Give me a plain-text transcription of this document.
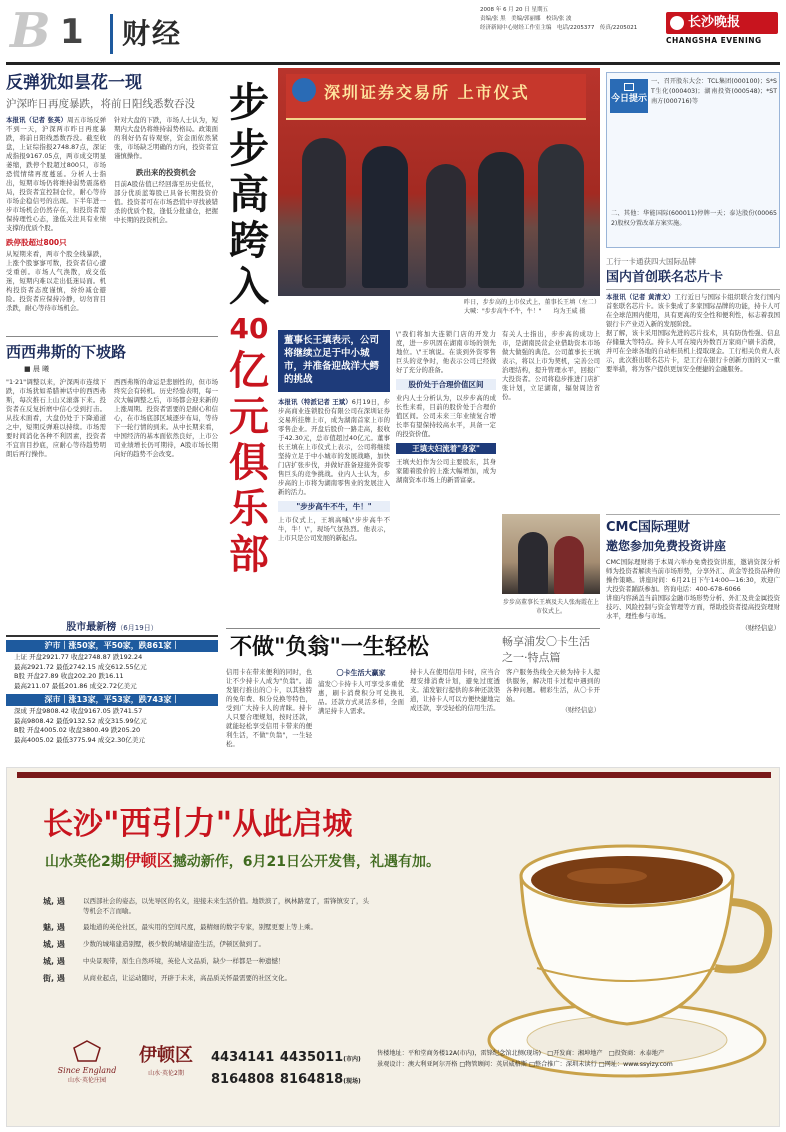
B 1 财经
2008 年 6 月 20 日 星期五
责编/张 黑　美编/郭丽娜　校读/张 波
经济新闻中心财经工作室主编　电话/2205377　传真/2205021	长沙晚报
CHANGSHA EVENING
反弹犹如昙花一现
沪深昨日再度暴跌，将前日阳线悉数吞没
本报讯（记者 张英）周五市场反弹不到一天，沪深两市昨日再度暴跌，将前日阳线悉数吞没。截至收盘，上证综指报2748.87点，深证成指报9167.05点，两市成交明显萎缩，跌停个股超过800只，市场恐慌情绪再度蔓延。分析人士指出，短期市场仍将维持弱势震荡格局，投资者宜控制仓位，耐心等待市场企稳信号的出现。下半年进一步市场机会仍然存在，但投资者需保持理性心态，逢低关注具有业绩支撑的优质个股。
跌停股超过800只
从短期来看，两市个股全线暴跌，上涨个股寥寥可数，投资者信心遭受重创。市场人气涣散，成交低迷，短期内难以走出低迷局面。机构投资者态度谨慎，纷纷减仓避险。投资者应保持冷静，切勿盲目杀跌，耐心等待市场机会。
针对大盘的下跌，市场人士认为，短期内大盘仍将维持弱势格局。政策面的利好仍有待观察，资金面依然紧张，市场缺乏明确的方向，投资者宜谨慎操作。
跌出来的投资机会
目前A股估值已经回落至历史低位，部分优质蓝筹股已具备长期投资价值。投资者可在市场恐慌中寻找被错杀的优质个股，逢低分批建仓，把握中长期的投资机会。
西西弗斯的下坡路
■ 晨 曦
"1·21"调整以来，沪深两市连续下跌，市场犹如希腊神话中的西西弗斯，每次推石上山又滚落下来。投资者在反复折磨中信心受到打击。从技术面看，大盘仍处于下降通道之中，短期反弹难以持续。市场需要时间消化各种不利因素，投资者不宜盲目抄底，应耐心等待趋势明朗后再行操作。
西西弗斯的命运是悲剧性的，但市场终究会有转机。历史经验表明，每一次大幅调整之后，市场都会迎来新的上涨周期。投资者需要的是耐心和信心，在市场底部区域逐步布局，等待下一轮行情的到来。从中长期来看，中国经济的基本面依然良好，上市公司业绩增长仍可期待，A股市场长期向好的趋势不会改变。
股市最新榜（6月19日）
沪市｜涨50家，平50家，跌861家｜
上证 开盘2921.77 收盘2748.87 跌192.24
最高2921.72 最低2742.15 成交612.55亿元
B股 开盘27.89 收盘202.20 跌16.11
最高211.07 最低201.86 成交2.72亿美元
深市｜涨13家，平53家，跌743家｜
深成 开盘9808.42 收盘9167.05 跌741.57
最高9808.42 最低9132.52 成交315.99亿元
B股 开盘4005.02 收盘3800.49 跌205.20
最高4005.02 最低3775.94 成交2.30亿美元
步
步
高
跨
入
40
亿
元
俱
乐
部
深圳证券交易所 上市仪式
昨日，步步高的上市仪式上，董事长王填（左二）大喊："步步高牛不牛，牛！"　　均为王威 摄
董事长王填表示，公司将继续立足于中小城市，并准备迎战洋大鳄的挑战
本报讯（特派记者 王斌）6月19日，步步高商业连锁股份有限公司在深圳证券交易所挂牌上市，成为湖南首家上市的零售企业。开盘后股价一路走高，报收于42.30元，总市值超过40亿元。董事长王填在上市仪式上表示，公司将继续坚持立足于中小城市的发展战略，加快门店扩张步伐，并做好准备迎接外资零售巨头的竞争挑战。业内人士认为，步步高的上市将为湖南零售业的发展注入新的活力。
"步步高牛不牛，牛！"
上市仪式上，王填高喊\"步步高牛不牛，牛！\"，现场气氛热烈。他表示，上市只是公司发展的新起点。
\"我们将加大连锁门店的开发力度，进一步巩固在湖南市场的领先地位。\"王填说。在谈到外资零售巨头的竞争时，他表示公司已经做好了充分的准备。
股价处于合理价值区间
业内人士分析认为，以步步高的成长性来看，目前的股价处于合理价值区间。公司未来三年业绩复合增长率有望保持较高水平，具备一定的投资价值。
王填夫妇流着"身家"
王填夫妇作为公司主要股东，其身家随着股价的上涨大幅增加，成为湖南资本市场上的新晋富豪。
有关人士指出，步步高的成功上市，是湖南民营企业借助资本市场做大做强的典范。公司董事长王填表示，将以上市为契机，完善公司治理结构，提升管理水平，回报广大投资者。公司将稳步推进门店扩张计划，立足湖南，辐射周边省份。
步步高董事长王填及夫人张海霞在上市仪式上。
不做"负翁"一生轻松	畅享浦发〇卡生活之一·特点篇
信用卡在带来便利的同时，也让不少持卡人成为"负翁"。浦发银行推出的〇卡，以其独特的免年费、积分兑换等特色，受到广大持卡人的青睐。持卡人只要合理规划，按时还款，就能轻松享受信用卡带来的便利生活，不做"负翁"，一生轻松。
〇卡生活大赢家
浦发〇卡持卡人可享受多重优惠，刷卡消费积分可兑换礼品。还款方式灵活多样，全面满足持卡人需求。
持卡人在使用信用卡时，应当合理安排消费计划，避免过度透支。浦发银行提供的多种还款渠道，让持卡人可以方便快捷地完成还款，享受轻松的信用生活。
客户服务热线全天候为持卡人提供服务，解决用卡过程中遇到的各种问题。精彩生活，从〇卡开始。
（财经信息）
今日提示
一、召开股东大会：TCL集团(000100)；S*ST生化(000403)；湖南投资(000548)；*ST南方(000716)等
二、其他：华能国际(600011)停牌一天；泰达股份(000652)股权分置改革方案实施。
工行一卡通获四大国际品牌
国内首创联名芯片卡
本报讯（记者 黄清文）工行近日与国际卡组织联合发行国内首张联名芯片卡。该卡集成了多家国际品牌的功能，持卡人可在全球范围内使用，具有更高的安全性和便利性，标志着我国银行卡产业迈入新的发展阶段。
据了解，该卡采用国际先进的芯片技术，具有防伪性强、信息存储量大等特点。持卡人可在境内外数百万家商户刷卡消费，并可在全球各地的自动柜员机上提取现金。工行相关负责人表示，此次推出联名芯片卡，是工行在银行卡创新方面的又一重要举措，将为客户提供更加安全便捷的金融服务。
CMC国际理财
邀您参加免费投资讲座
CMC国际理财将于本周六举办免费投资讲座，邀请资深分析师为投资者解读当前市场形势，分享外汇、黄金等投资品种的操作策略。讲座时间：6月21日下午14:00—16:30，欢迎广大投资者踊跃参加。咨询电话：400-678-6066
讲座内容涵盖当前国际金融市场形势分析、外汇及贵金属投资技巧、风险控制与资金管理等方面，帮助投资者提高投资理财水平，理性参与市场。
（财经信息）
长沙"西引力"从此启城
山水英伦2期伊顿区撼动新作，6月21日公开发售，礼遇有加。
城, 遇	以西部社会的姿态，以先导区的名义，迎接未来生活价值。地铁滨了，枫林路宽了，雷锋镇安了，头等机会不言而喻。
魅, 遇	最地道的英伦社区，最实用的空间尺度，最精细的数字专家，别墅更要上等上乘。
城, 遇	少数的城堵建造别墅，极少数的城堵建造生活，伊顿区做到了。
城, 遇	中央景观带，原生自然环境，英伦人文品质，缺少一样都是一种遗憾！
街, 遇	从商业起点，让运动随时，开辟于未来，高品质关怀最需要的社区文化。
Since England
山水·英伦庄园
伊顿区
山水·英伦2期
4434141 4435011(市内)
8164808 8164818(现场)
售楼地址：平和堂商务楼12A(市内)，雷锋纪念馆北侧(现场)　□开发商：湘坤地产　□投资商：永泰地产
景观设计：澳大利亚阿尔开格 □物管顾问：英居威格斯 □整合推广：深圳未读行 □网址：www.ssyizy.com
